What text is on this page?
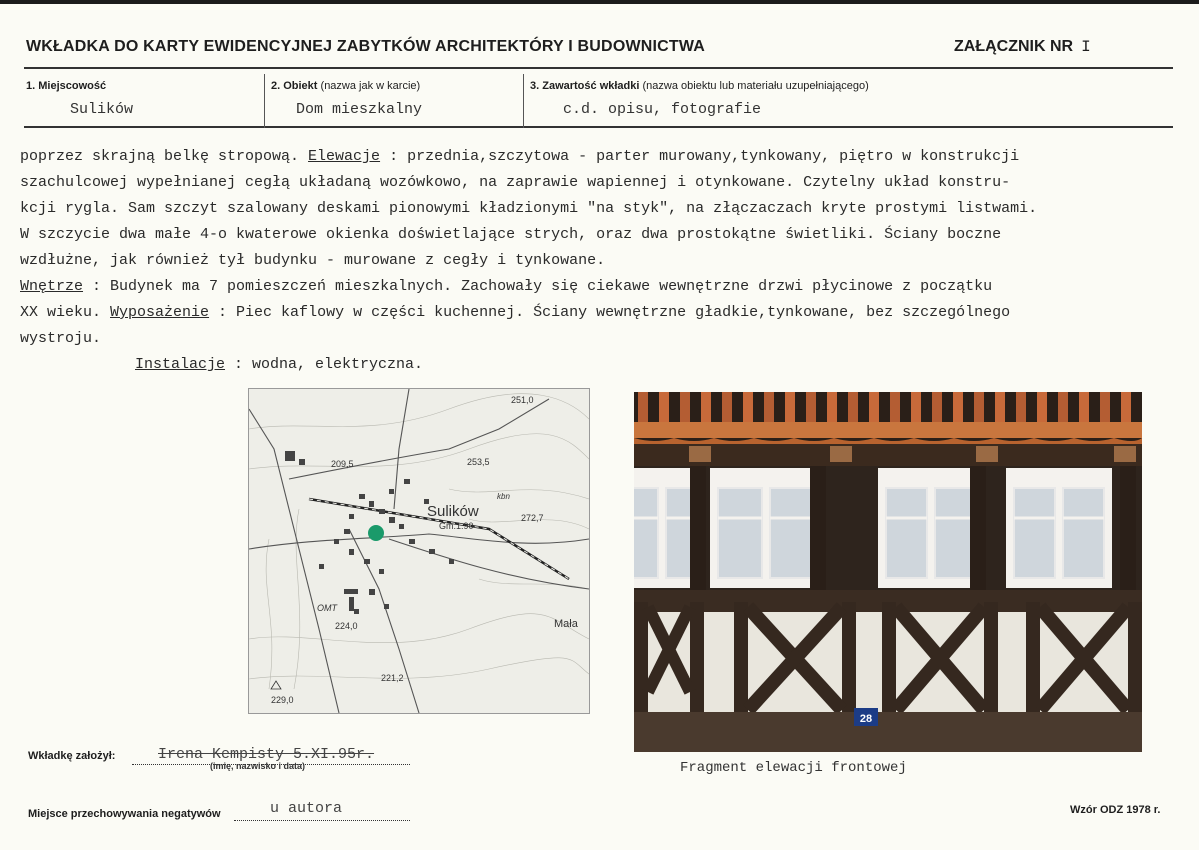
WKŁADKA DO KARTY EWIDENCYJNEJ ZABYTKÓW ARCHITEKTÓRY I BUDOWNICTWA	ZAŁĄCZNIK NR I
1. Miejscowość
Sulików
2. Obiekt (nazwa jak w karcie)
Dom mieszkalny
3. Zawartość wkładki (nazwa obiektu lub materiału uzupełniającego)
c.d. opisu, fotografie

poprzez skrajną belkę stropową. Elewacje : przednia,szczytowa - parter murowany,tynkowany, piętro w konstrukcji

szachulcowej wypełnianej cegłą układaną wozówkowo, na zaprawie wapiennej i otynkowane. Czytelny układ konstru-

kcji rygla. Sam szczyt szalowany deskami pionowymi kładzionymi "na styk", na złączaczach kryte prostymi listwami.

W szczycie dwa małe 4-o kwaterowe okienka doświetlające strych, oraz dwa prostokątne świetliki. Ściany boczne

wzdłużne, jak również tył budynku - murowane z cegły i tynkowane.

Wnętrze : Budynek ma 7 pomieszczeń mieszkalnych. Zachowały się ciekawe wewnętrzne drzwi płycinowe z początku

XX wieku. Wyposażenie : Piec kaflowy w części kuchennej. Ściany wewnętrzne gładkie,tynkowane, bez szczególnego

wystroju.

Instalacje : wodna, elektryczna.

Sulików
Gm.1.90
Mała
OMT
kbn
251,0
209,5	253,5
272,7
224,0
221,2
229,0
28
Fragment elewacji frontowej
Wkładkę założył:	Irena Kempisty 5.XI.95r.
(imię, nazwisko i data)
Miejsce przechowywania negatywów	u autora	Wzór ODZ 1978 r.
